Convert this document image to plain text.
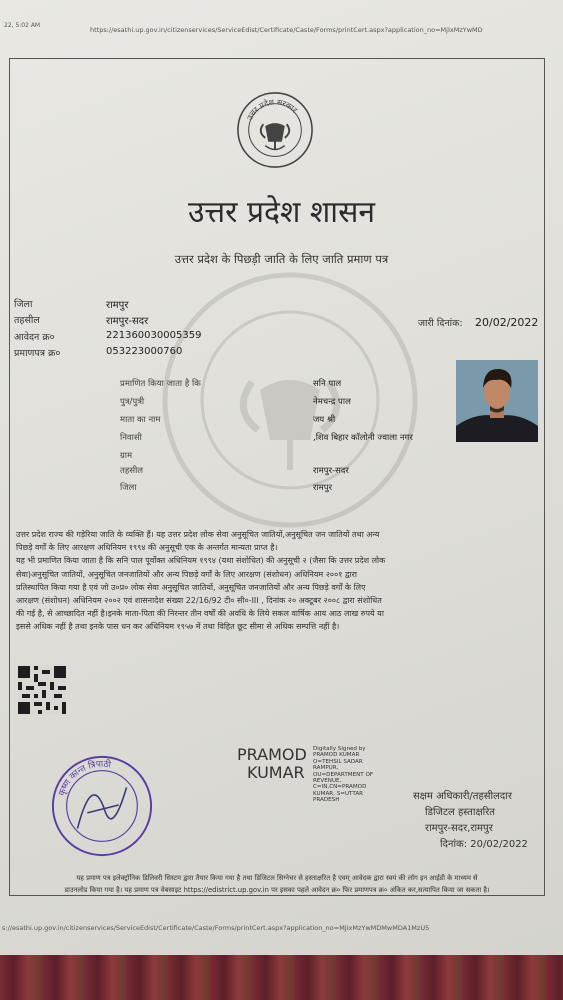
22, 5:02 AM
https://esathi.up.gov.in/citizenservices/ServiceEdist/Certificate/Caste/Forms/printCert.aspx?application_no=MjIxMzYwMD
उत्तर प्रदेश सरकार
उत्तर प्रदेश शासन
उत्तर प्रदेश के पिछड़ी जाति के लिए जाति प्रमाण पत्र
जिला	रामपुर
तहसील	रामपुर-सदर
आवेदन क्र०	221360030005359
प्रमाणपत्र क्र०	053223000760
जारी दिनांक: 20/02/2022
प्रमाणित किया जाता है कि	सनि पाल
पुत्र/पुत्री	नेमचन्द्र पाल
माता का नाम	जय श्री
निवासी	,शिव बिहार कॉलोनी ज्वाला नगर
ग्राम
तहसील	रामपुर-सदर
जिला	रामपुर

उत्तर प्रदेश राज्य की गड़ेरिया जाति के व्यक्ति हैं। यह उत्तर प्रदेश लोक सेवा अनुसूचित जातियों,अनुसूचित जन जातियों तथा अन्य

पिछड़े वर्गों के लिए आरक्षण अधिनियम १९९४ की अनुसूची एक के अन्तर्गत मान्यता प्राप्त है।

यह भी प्रमाणित किया जाता है कि सनि पाल पूर्वोक्त अधिनियम १९९४ (यथा संशोधित) की अनुसूची २ (जैसा कि उत्तर प्रदेश लोक

सेवा)अनुसूचित जातियों, अनुसूचित जनजातियों और अन्य पिछड़े वर्गों के लिए आरक्षण (संशोधन) अधिनियम २००१ द्वारा

प्रतिस्थापित किया गया है एवं जो उ०प्र० लोक सेवा अनुसूचित जातियों, अनुसूचित जनजातियों और अन्य पिछड़े वर्गों के लिए

आरक्षण (संशोधन) अधिनियम २००२ एवं शासनादेश संख्या 22/16/92 टी० सी०-III , दिनांक २० अक्टूबर २००८ द्वारा संशोधित

की गई है, से आच्छादित नहीं है।इनके माता-पिता की निरन्तर तीन वर्षों की अवधि के लिये सकल वार्षिक आय आठ लाख रुपये या

इससे अधिक नहीं है तथा इनके पास धन कर अधिनियम १९५७ में तथा विहित छूट सीमा से अधिक सम्पत्ति नहीं है।

कृष्ण कान्त त्रिपाठी
PRAMOD
KUMAR
Digitally Signed by
PRAMOD KUMAR
O=TEHSIL SADAR
RAMPUR,
OU=DEPARTMENT OF
REVENUE,
C=IN,CN=PRAMOD
KUMAR, S=UTTAR
PRADESH	सक्षम अधिकारी/तहसीलदार
डिजिटल हस्ताक्षरित
रामपुर-सदर,रामपुर
दिनांक: 20/02/2022
यह प्रमाण पत्र इलेक्ट्रॉनिक डिलिवरी सिस्टम द्वारा तैयार किया गया है तथा डिजिटल सिग्नेचर से हस्ताक्षरित है एवम् आवेदक द्वारा स्वयं की लॉग इन आईडी के माध्यम से
डाउनलोड किया गया है। यह प्रमाण पत्र वेबसाइट https://edistrict.up.gov.in पर इसका पहले आवेदन क्र० फिर प्रमाणपत्र क्र० अंकित कर,सत्यापित किया जा सकता है।
s://esathi.up.gov.in/citizenservices/ServiceEdist/Certificate/Caste/Forms/printCert.aspx?application_no=MjIxMzYwMDMwMDA1MzU5
